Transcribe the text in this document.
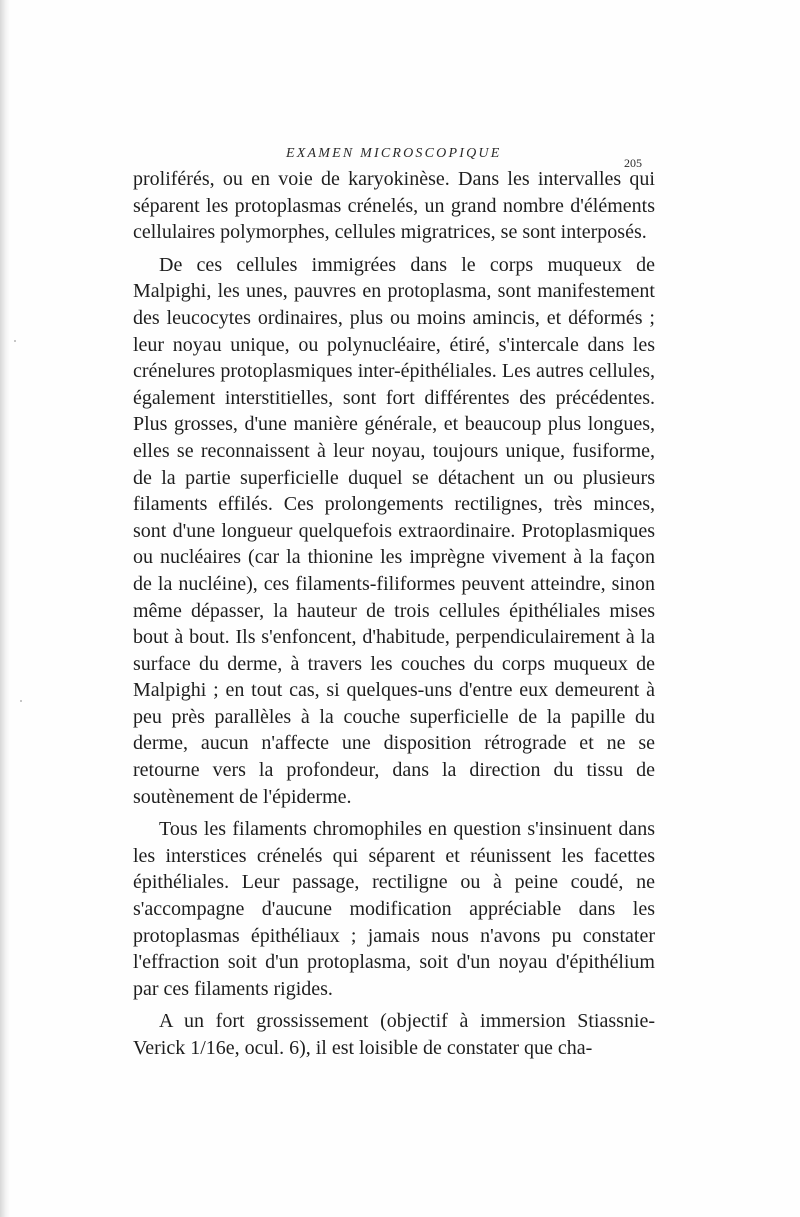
EXAMEN MICROSCOPIQUE
205

proliférés, ou en voie de karyokinèse. Dans les intervalles qui séparent les protoplasmas crénelés, un grand nombre d'éléments cellulaires polymorphes, cellules migratrices, se sont interposés.

De ces cellules immigrées dans le corps muqueux de Malpighi, les unes, pauvres en protoplasma, sont manifestement des leucocytes ordinaires, plus ou moins amincis, et déformés ; leur noyau unique, ou polynucléaire, étiré, s'intercale dans les crénelures protoplasmiques inter-épithéliales. Les autres cellules, également interstitielles, sont fort différentes des précédentes. Plus grosses, d'une manière générale, et beaucoup plus longues, elles se reconnaissent à leur noyau, toujours unique, fusiforme, de la partie superficielle duquel se détachent un ou plusieurs filaments effilés. Ces prolongements rectilignes, très minces, sont d'une longueur quelquefois extraordinaire. Protoplasmiques ou nucléaires (car la thionine les imprègne vivement à la façon de la nucléine), ces filaments-filiformes peuvent atteindre, sinon même dépasser, la hauteur de trois cellules épithéliales mises bout à bout. Ils s'enfoncent, d'habitude, perpendiculairement à la surface du derme, à travers les couches du corps muqueux de Malpighi ; en tout cas, si quelques-uns d'entre eux demeurent à peu près parallèles à la couche superficielle de la papille du derme, aucun n'affecte une disposition rétrograde et ne se retourne vers la profondeur, dans la direction du tissu de soutènement de l'épiderme.

Tous les filaments chromophiles en question s'insinuent dans les interstices crénelés qui séparent et réunissent les facettes épithéliales. Leur passage, rectiligne ou à peine coudé, ne s'accompagne d'aucune modification appréciable dans les protoplasmas épithéliaux ; jamais nous n'avons pu constater l'effraction soit d'un protoplasma, soit d'un noyau d'épithélium par ces filaments rigides.

A un fort grossissement (objectif à immersion Stiassnie-Verick 1/16e, ocul. 6), il est loisible de constater que cha-
